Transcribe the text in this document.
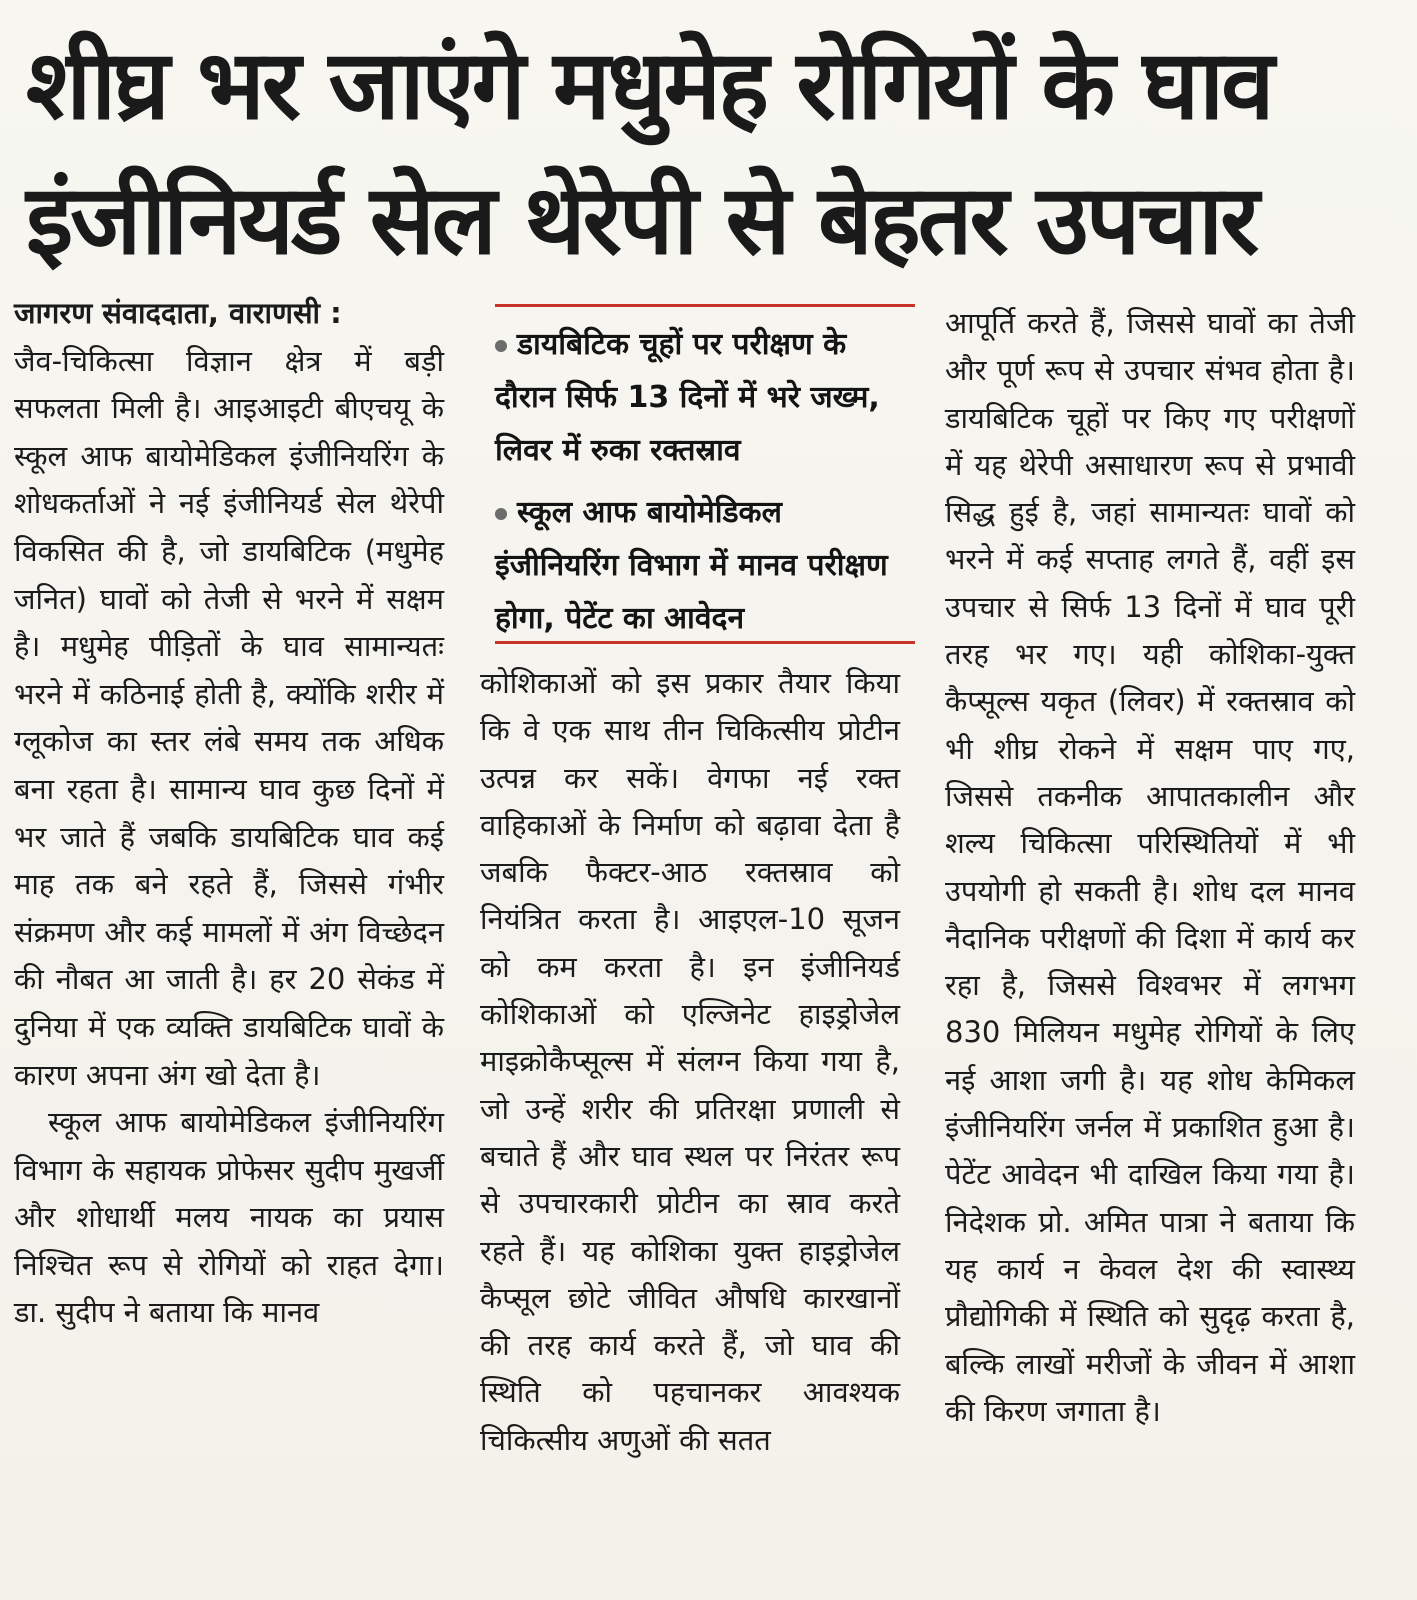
शीघ्र भर जाएंगे मधुमेह रोगियों के घाव
इंजीनियर्ड सेल थेरेपी से बेहतर उपचार

जागरण संवाददाता, वाराणसी :

जैव-चिकित्सा विज्ञान क्षेत्र में बड़ी सफलता मिली है। आइआइटी बीएचयू के स्कूल आफ बायोमेडिकल इंजीनियरिंग के शोधकर्ताओं ने नई इंजीनियर्ड सेल थेरेपी विकसित की है, जो डायबिटिक (मधुमेह जनित) घावों को तेजी से भरने में सक्षम है। मधुमेह पीड़ितों के घाव सामान्यतः भरने में कठिनाई होती है, क्योंकि शरीर में ग्लूकोज का स्तर लंबे समय तक अधिक बना रहता है। सामान्य घाव कुछ दिनों में भर जाते हैं जबकि डायबिटिक घाव कई माह तक बने रहते हैं, जिससे गंभीर संक्रमण और कई मामलों में अंग विच्छेदन की नौबत आ जाती है। हर 20 सेकंड में दुनिया में एक व्यक्ति डायबिटिक घावों के कारण अपना अंग खो देता है।

स्कूल आफ बायोमेडिकल इंजीनियरिंग विभाग के सहायक प्रोफेसर सुदीप मुखर्जी और शोधार्थी मलय नायक का प्रयास निश्चित रूप से रोगियों को राहत देगा। डा. सुदीप ने बताया कि मानव

डायबिटिक चूहों पर परीक्षण के दौरान सिर्फ 13 दिनों में भरे जख्म, लिवर में रुका रक्तस्राव
स्कूल आफ बायोमेडिकल इंजीनियरिंग विभाग में मानव परीक्षण होगा, पेटेंट का आवेदन

कोशिकाओं को इस प्रकार तैयार किया कि वे एक साथ तीन चिकित्सीय प्रोटीन उत्पन्न कर सकें। वेगफा नई रक्त वाहिकाओं के निर्माण को बढ़ावा देता है जबकि फैक्टर-आठ रक्तस्राव को नियंत्रित करता है। आइएल-10 सूजन को कम करता है। इन इंजीनियर्ड कोशिकाओं को एल्जिनेट हाइड्रोजेल माइक्रोकैप्सूल्स में संलग्न किया गया है, जो उन्हें शरीर की प्रतिरक्षा प्रणाली से बचाते हैं और घाव स्थल पर निरंतर रूप से उपचारकारी प्रोटीन का स्राव करते रहते हैं। यह कोशिका युक्त हाइड्रोजेल कैप्सूल छोटे जीवित औषधि कारखानों की तरह कार्य करते हैं, जो घाव की स्थिति को पहचानकर आवश्यक चिकित्सीय अणुओं की सतत

आपूर्ति करते हैं, जिससे घावों का तेजी और पूर्ण रूप से उपचार संभव होता है। डायबिटिक चूहों पर किए गए परीक्षणों में यह थेरेपी असाधारण रूप से प्रभावी सिद्ध हुई है, जहां सामान्यतः घावों को भरने में कई सप्ताह लगते हैं, वहीं इस उपचार से सिर्फ 13 दिनों में घाव पूरी तरह भर गए। यही कोशिका-युक्त कैप्सूल्स यकृत (लिवर) में रक्तस्राव को भी शीघ्र रोकने में सक्षम पाए गए, जिससे तकनीक आपातकालीन और शल्य चिकित्सा परिस्थितियों में भी उपयोगी हो सकती है। शोध दल मानव नैदानिक परीक्षणों की दिशा में कार्य कर रहा है, जिससे विश्वभर में लगभग 830 मिलियन मधुमेह रोगियों के लिए नई आशा जगी है। यह शोध केमिकल इंजीनियरिंग जर्नल में प्रकाशित हुआ है। पेटेंट आवेदन भी दाखिल किया गया है। निदेशक प्रो. अमित पात्रा ने बताया कि यह कार्य न केवल देश की स्वास्थ्य प्रौद्योगिकी में स्थिति को सुदृढ़ करता है, बल्कि लाखों मरीजों के जीवन में आशा की किरण जगाता है।
